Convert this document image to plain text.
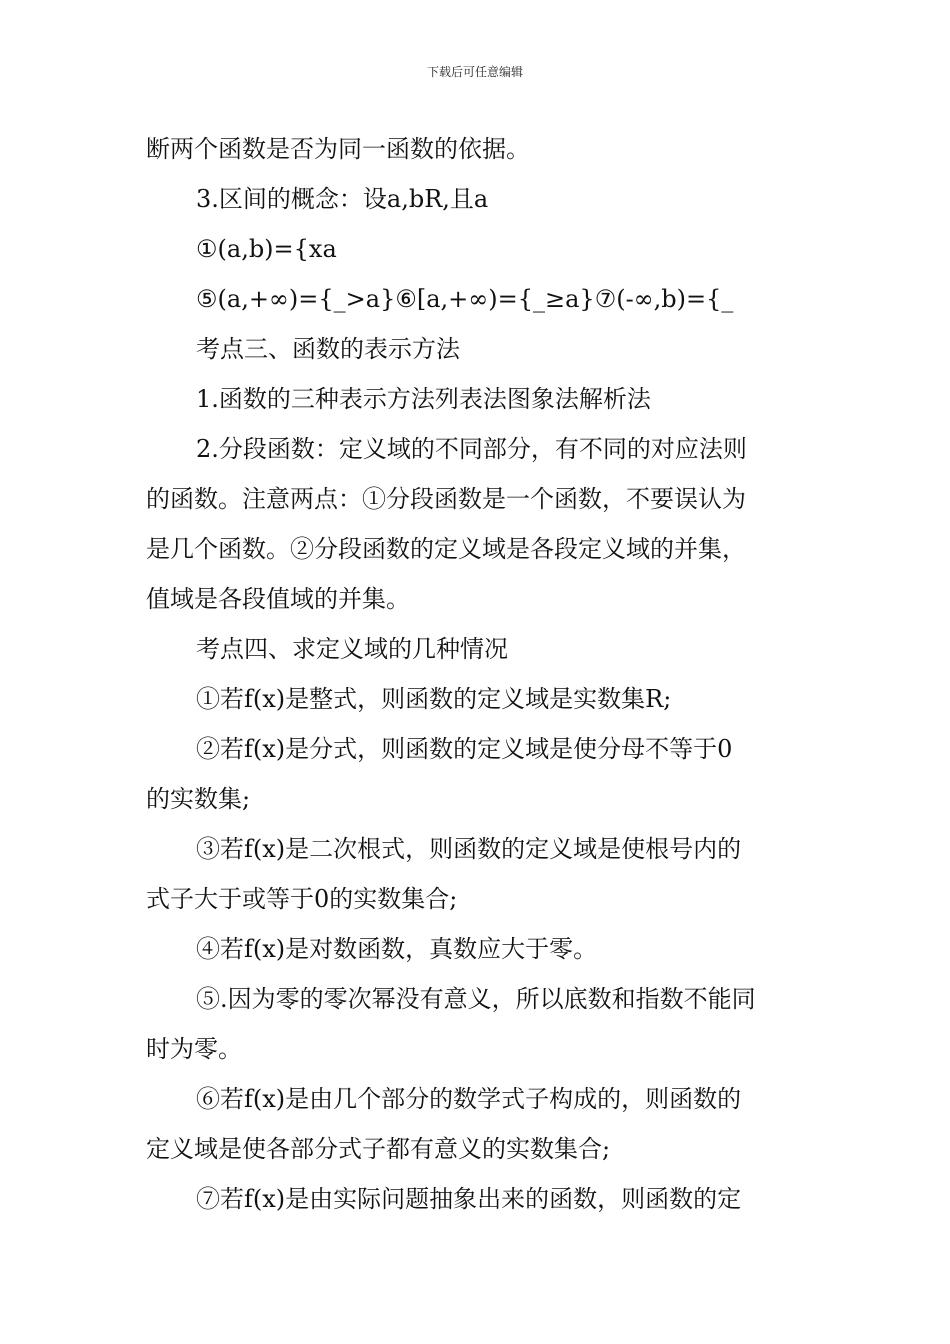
下载后可任意编辑
断两个函数是否为同一函数的依据。
3.区间的概念：设a,bR,且a
①(a,b)={xa
⑤(a,+∞)={_>a}⑥[a,+∞)={_≥a}⑦(-∞,b)={_
考点三、函数的表示方法
1.函数的三种表示方法列表法图象法解析法
2.分段函数：定义域的不同部分，有不同的对应法则
的函数。注意两点：①分段函数是一个函数，不要误认为
是几个函数。②分段函数的定义域是各段定义域的并集，
值域是各段值域的并集。
考点四、求定义域的几种情况
①若f(x)是整式，则函数的定义域是实数集R;
②若f(x)是分式，则函数的定义域是使分母不等于0
的实数集;
③若f(x)是二次根式，则函数的定义域是使根号内的
式子大于或等于0的实数集合;
④若f(x)是对数函数，真数应大于零。
⑤.因为零的零次幂没有意义，所以底数和指数不能同
时为零。
⑥若f(x)是由几个部分的数学式子构成的，则函数的
定义域是使各部分式子都有意义的实数集合;
⑦若f(x)是由实际问题抽象出来的函数，则函数的定
